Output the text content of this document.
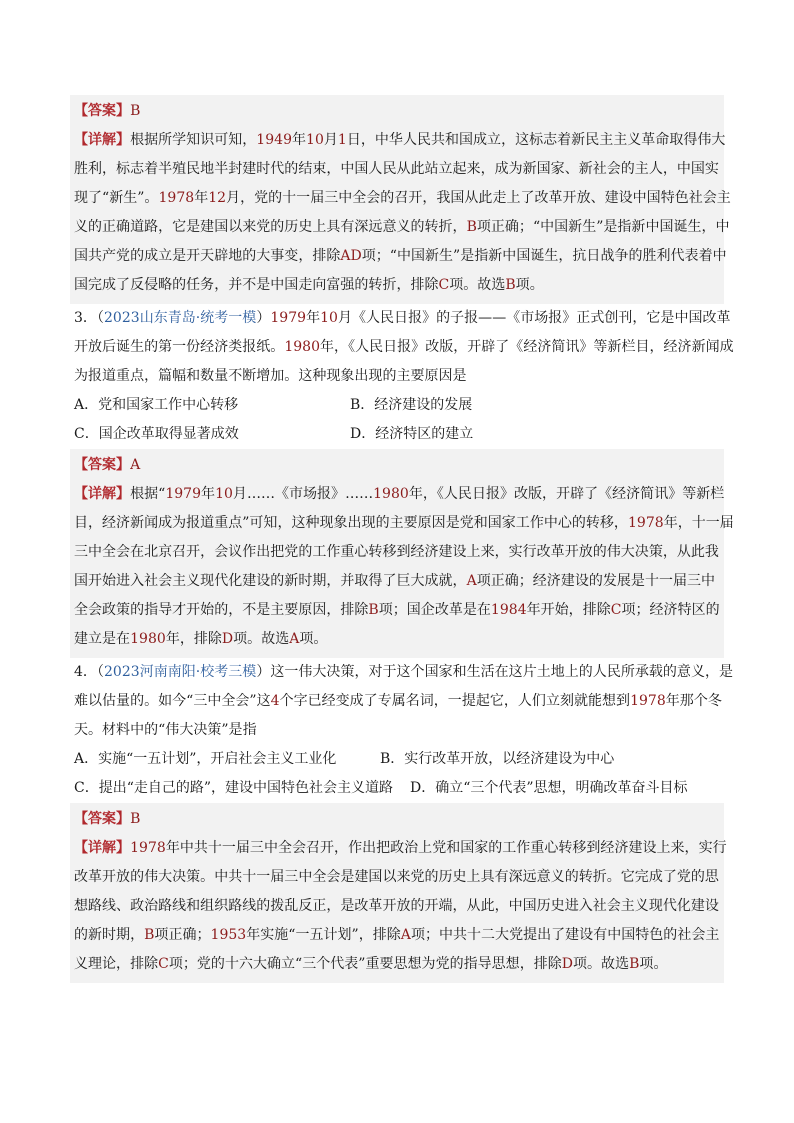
【答案】B
【详解】根据所学知识可知，1949年10月1日，中华人民共和国成立，这标志着新民主主义革命取得伟大
胜利，标志着半殖民地半封建时代的结束，中国人民从此站立起来，成为新国家、新社会的主人，中国实
现了“新生”。1978年12月，党的十一届三中全会的召开，我国从此走上了改革开放、建设中国特色社会主
义的正确道路，它是建国以来党的历史上具有深远意义的转折，B项正确；“中国新生”是指新中国诞生，中
国共产党的成立是开天辟地的大事变，排除AD项；“中国新生”是指新中国诞生，抗日战争的胜利代表着中
国完成了反侵略的任务，并不是中国走向富强的转折，排除C项。故选B项。
3．（2023山东青岛·统考一模）1979年10月《人民日报》的子报——《市场报》正式创刊，它是中国改革
开放后诞生的第一份经济类报纸。1980年，《人民日报》改版，开辟了《经济简讯》等新栏目，经济新闻成
为报道重点，篇幅和数量不断增加。这种现象出现的主要原因是
A．党和国家工作中心转移	B．经济建设的发展
C．国企改革取得显著成效	D．经济特区的建立
【答案】A
【详解】根据“1979年10月……《市场报》……1980年，《人民日报》改版，开辟了《经济简讯》等新栏
目，经济新闻成为报道重点”可知，这种现象出现的主要原因是党和国家工作中心的转移，1978年，十一届
三中全会在北京召开，会议作出把党的工作重心转移到经济建设上来，实行改革开放的伟大决策，从此我
国开始进入社会主义现代化建设的新时期，并取得了巨大成就，A项正确；经济建设的发展是十一届三中
全会政策的指导才开始的，不是主要原因，排除B项；国企改革是在1984年开始，排除C项；经济特区的
建立是在1980年，排除D项。故选A项。
4．（2023河南南阳·校考三模）这一伟大决策，对于这个国家和生活在这片土地上的人民所承载的意义，是
难以估量的。如今“三中全会”这4个字已经变成了专属名词，一提起它，人们立刻就能想到1978年那个冬
天。材料中的“伟大决策”是指
A．实施“一五计划”，开启社会主义工业化	B．实行改革开放，以经济建设为中心
C．提出“走自己的路”，建设中国特色社会主义道路	D．确立“三个代表”思想，明确改革奋斗目标
【答案】B
【详解】1978年中共十一届三中全会召开，作出把政治上党和国家的工作重心转移到经济建设上来，实行
改革开放的伟大决策。中共十一届三中全会是建国以来党的历史上具有深远意义的转折。它完成了党的思
想路线、政治路线和组织路线的拨乱反正，是改革开放的开端，从此，中国历史进入社会主义现代化建设
的新时期，B项正确；1953年实施“一五计划”，排除A项；中共十二大党提出了建设有中国特色的社会主
义理论，排除C项；党的十六大确立“三个代表”重要思想为党的指导思想，排除D项。故选B项。
